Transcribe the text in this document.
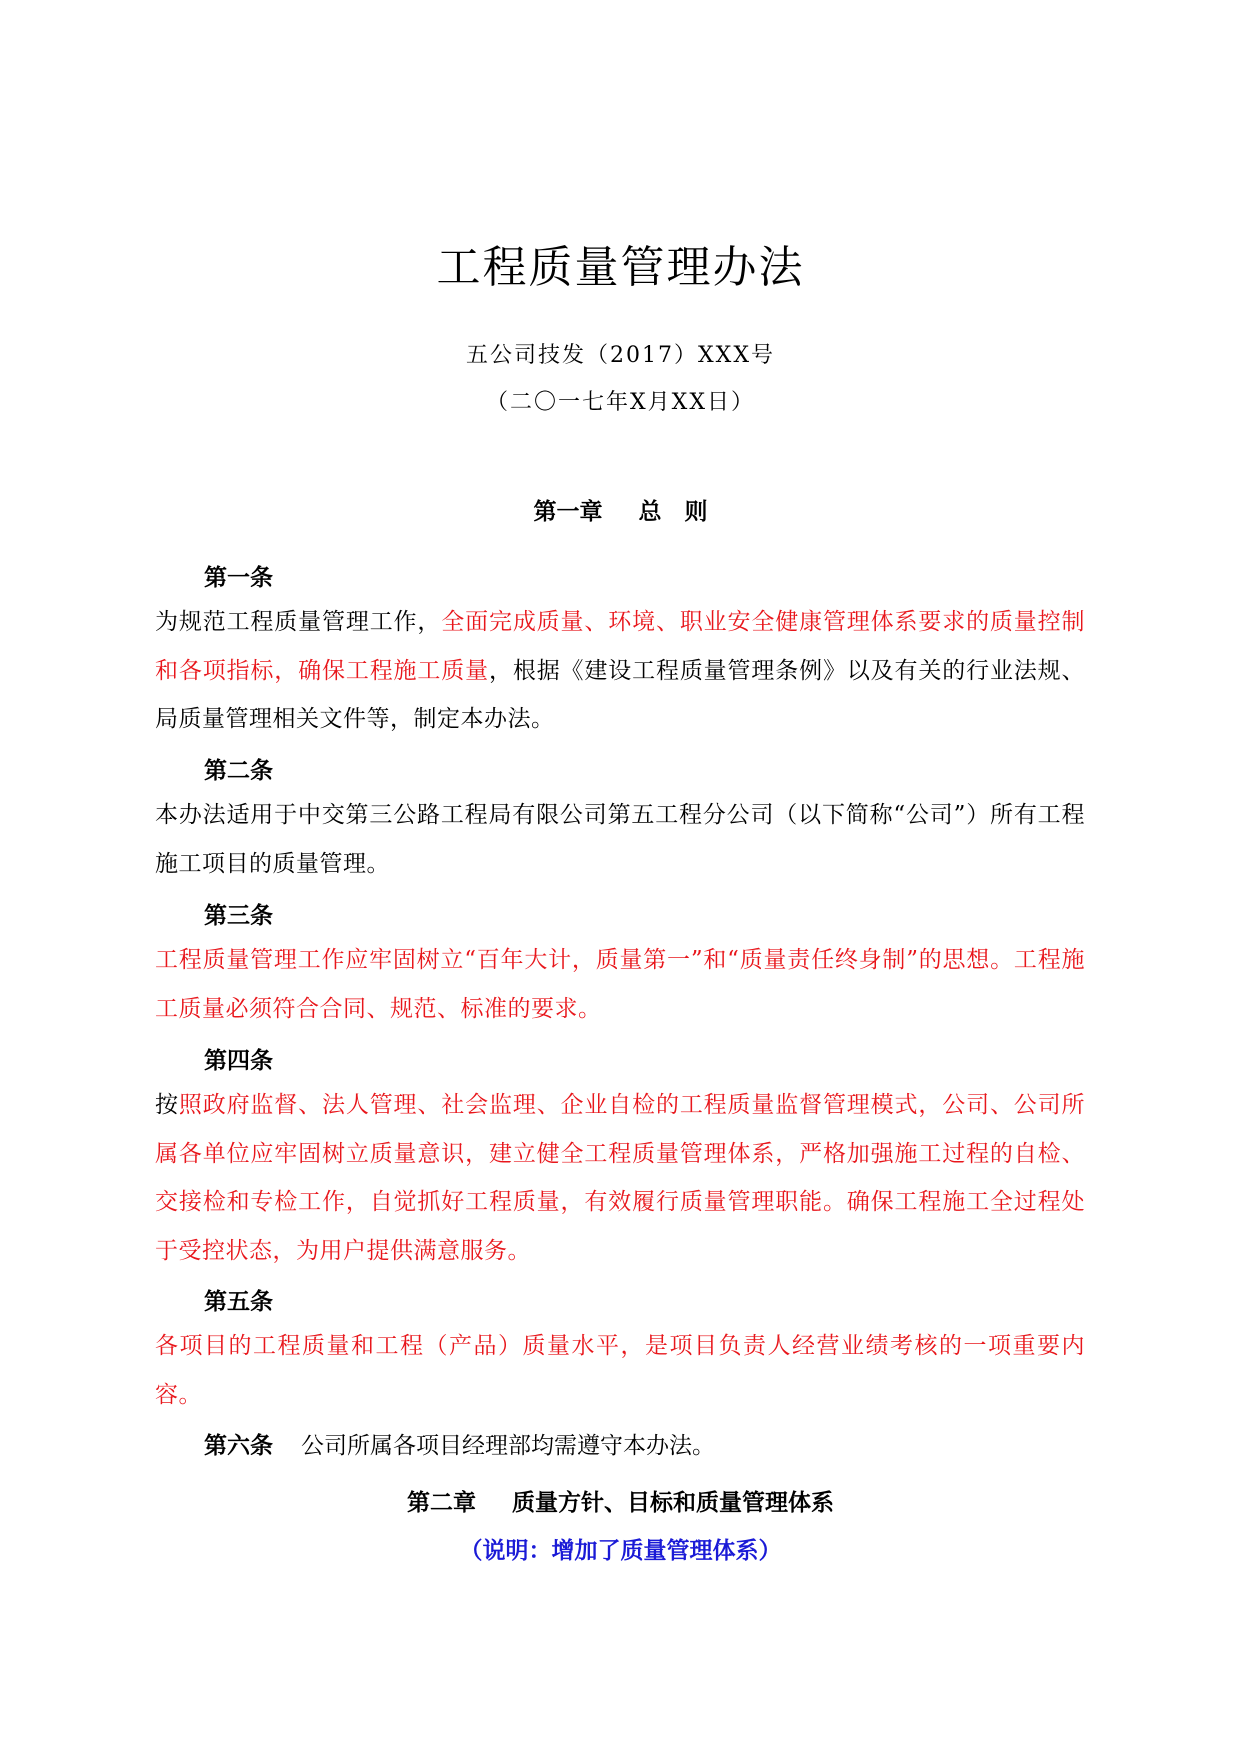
工程质量管理办法
五公司技发（2017）XXX号
（二〇一七年X月XX日）
第一章 总　则
第一条
为规范工程质量管理工作，全面完成质量、环境、职业安全健康管理体系要求的质量控制和各项指标，确保工程施工质量，根据《建设工程质量管理条例》以及有关的行业法规、局质量管理相关文件等，制定本办法。
第二条
本办法适用于中交第三公路工程局有限公司第五工程分公司（以下简称“公司”）所有工程施工项目的质量管理。
第三条
工程质量管理工作应牢固树立“百年大计，质量第一”和“质量责任终身制”的思想。工程施工质量必须符合合同、规范、标准的要求。
第四条
按照政府监督、法人管理、社会监理、企业自检的工程质量监督管理模式，公司、公司所属各单位应牢固树立质量意识，建立健全工程质量管理体系，严格加强施工过程的自检、交接检和专检工作，自觉抓好工程质量，有效履行质量管理职能。确保工程施工全过程处于受控状态，为用户提供满意服务。
第五条
各项目的工程质量和工程（产品）质量水平，是项目负责人经营业绩考核的一项重要内容。
第六条 公司所属各项目经理部均需遵守本办法。
第二章 质量方针、目标和质量管理体系
（说明：增加了质量管理体系）
